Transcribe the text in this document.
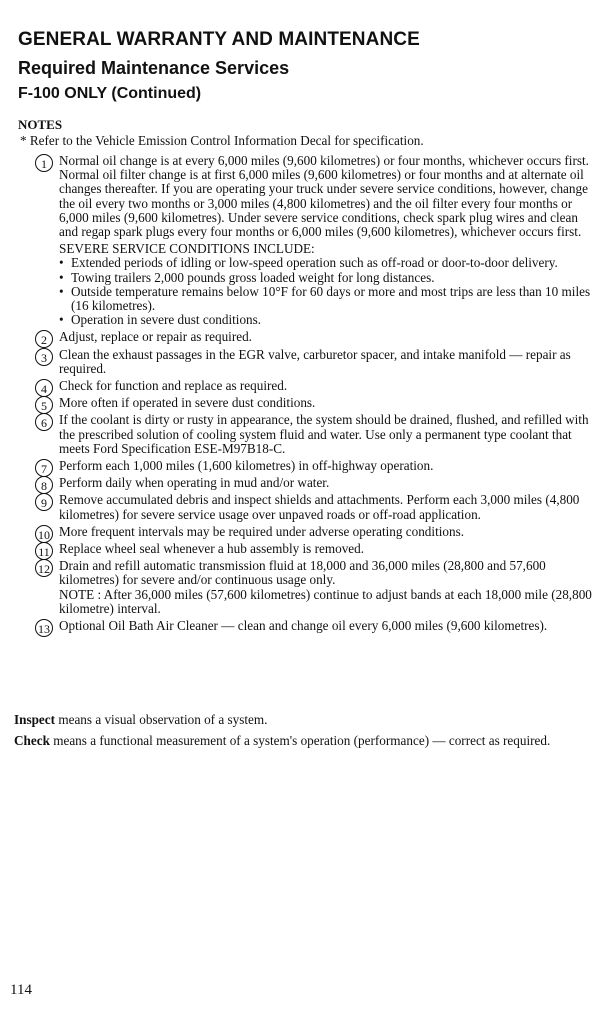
GENERAL WARRANTY AND MAINTENANCE
Required Maintenance Services
F-100 ONLY (Continued)
NOTES
* Refer to the Vehicle Emission Control Information Decal for specification.
1 Normal oil change is at every 6,000 miles (9,600 kilometres) or four months, whichever occurs first. Normal oil filter change is at first 6,000 miles (9,600 kilometres) or four months and at alternate oil changes thereafter. If you are operating your truck under severe service conditions, however, change the oil every two months or 3,000 miles (4,800 kilometres) and the oil filter every four months or 6,000 miles (9,600 kilometres). Under severe service conditions, check spark plug wires and clean and regap spark plugs every four months or 6,000 miles (9,600 kilometres), whichever occurs first.
SEVERE SERVICE CONDITIONS INCLUDE:
• Extended periods of idling or low-speed operation such as off-road or door-to-door delivery.
• Towing trailers 2,000 pounds gross loaded weight for long distances.
• Outside temperature remains below 10°F for 60 days or more and most trips are less than 10 miles (16 kilometres).
• Operation in severe dust conditions.
2 Adjust, replace or repair as required.
3 Clean the exhaust passages in the EGR valve, carburetor spacer, and intake manifold — repair as required.
4 Check for function and replace as required.
5 More often if operated in severe dust conditions.
6 If the coolant is dirty or rusty in appearance, the system should be drained, flushed, and refilled with the prescribed solution of cooling system fluid and water. Use only a permanent type coolant that meets Ford Specification ESE-M97B18-C.
7 Perform each 1,000 miles (1,600 kilometres) in off-highway operation.
8 Perform daily when operating in mud and/or water.
9 Remove accumulated debris and inspect shields and attachments. Perform each 3,000 miles (4,800 kilometres) for severe service usage over unpaved roads or off-road application.
10 More frequent intervals may be required under adverse operating conditions.
11 Replace wheel seal whenever a hub assembly is removed.
12 Drain and refill automatic transmission fluid at 18,000 and 36,000 miles (28,800 and 57,600 kilometres) for severe and/or continuous usage only.
NOTE : After 36,000 miles (57,600 kilometres) continue to adjust bands at each 18,000 mile (28,800 kilometre) interval.
13 Optional Oil Bath Air Cleaner — clean and change oil every 6,000 miles (9,600 kilometres).
Inspect means a visual observation of a system.
Check means a functional measurement of a system's operation (performance) — correct as required.
114
